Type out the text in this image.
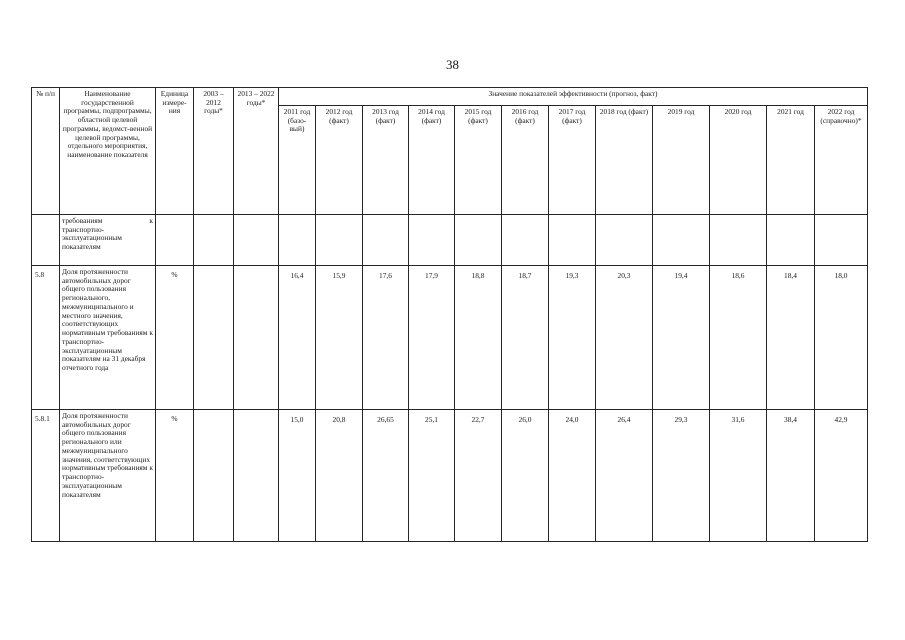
38
№ п/п	Наименование государственной программы, подпрограммы, областной целевой программы, ведомст-венной целевой программы, отдельного мероприятия, наименование показателя	Единица измере-ния	2003 – 2012 годы*	2013 – 2022 годы*	Значение показателей эффективности (прогноз, факт)											
					2011 год (базо-вый)	2012 год (факт)	2013 год (факт)	2014 год (факт)	2015 год (факт)	2016 год (факт)	2017 год (факт)	2018 год (факт)	2019 год	2020 год	2021 год	2022 год (справочно)*

	требованиям к
транспортно-эксплуатационным показателям															

5.8	Доля протяженности автомобильных дорог общего пользования регионального, межмуниципального и местного значения, соответствующих нормативным требованиям к транспортно-эксплуатационным показателям на 31 декабря отчетного года	%			16,4	15,9	17,6	17,9	18,8	18,7	19,3	20,3	19,4	18,6	18,4	18,0
5.8.1	Доля протяженности автомобильных дорог общего пользования регионального или межмуниципального значения, соответствующих нормативным требованиям к транспортно-эксплуатационным показателям	%			15,0	20,8	26,65	25,1	22,7	26,0	24,0	26,4	29,3	31,6	38,4	42,9
